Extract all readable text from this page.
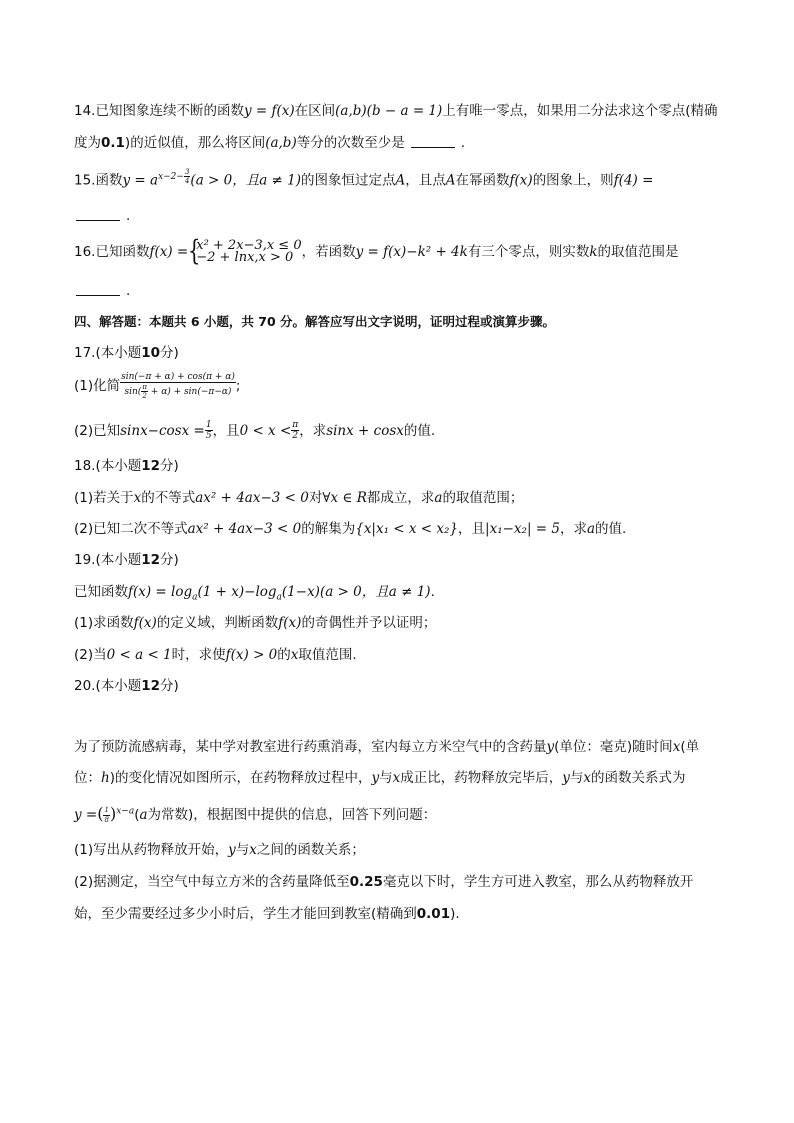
14.已知图象连续不断的函数y = f(x)在区间(a,b)(b − a = 1)上有唯一零点，如果用二分法求这个零点(精确
度为0.1)的近似值，那么将区间(a,b)等分的次数至少是	.
15.函数$y = a^{x-2- \frac{3}{4}}$ (a > 0，且a ≠ 1)的图象恒过定点A，且点A在幂函数f(x)的图象上，则f(4) =
.
16.已知函数f(x) = {
x² + 2x−3,x ≤ 0
−2 + lnx,x > 0 ，若函数y = f(x)−k² + 4k有三个零点，则实数k的取值范围是
.
四、解答题：本题共 6 小题，共 70 分。解答应写出文字说明，证明过程或演算步骤。
17.(本小题10分)
(1)化简 $\frac{\sin(-\pi + \alpha) + \cos(\pi + \alpha)}{\sin( \frac{\pi}{2} + \alpha) + \sin(-\pi-\alpha)}$ ;
(2)已知$\sin x-\cos x = \frac{1}{5}$ ，且$0 < x < \frac{\pi}{2}$ ，求sinx + cosx的值.
18.(本小题12分)
(1)若关于x的不等式ax² + 4ax−3 < 0对∀x ∈ R都成立，求a的取值范围；
(2)已知二次不等式ax² + 4ax−3 < 0的解集为{x|x₁ < x < x₂}，且|x₁−x₂| = 5，求a的值.
19.(本小题12分)
已知函数$f(x) = \log_a(1 + x)-\log_a(1-x)(a > 0$，且a ≠ 1).
(1)求函数f(x)的定义域，判断函数f(x)的奇偶性并予以证明；
(2)当0 < a < 1时，求使f(x) > 0的x取值范围.
20.(本小题12分)
为了预防流感病毒，某中学对教室进行药熏消毒，室内每立方米空气中的含药量y(单位：毫克)随时间x(单
位：h)的变化情况如图所示，在药物释放过程中，y与x成正比，药物释放完毕后，y与x的函数关系式为
y =( $\frac{1}{8} )^{x-a}(a$为常数)，根据图中提供的信息，回答下列问题：
(1)写出从药物释放开始，y与x之间的函数关系；
(2)据测定，当空气中每立方米的含药量降低至0.25毫克以下时，学生方可进入教室，那么从药物释放开
始，至少需要经过多少小时后，学生才能回到教室(精确到0.01).
